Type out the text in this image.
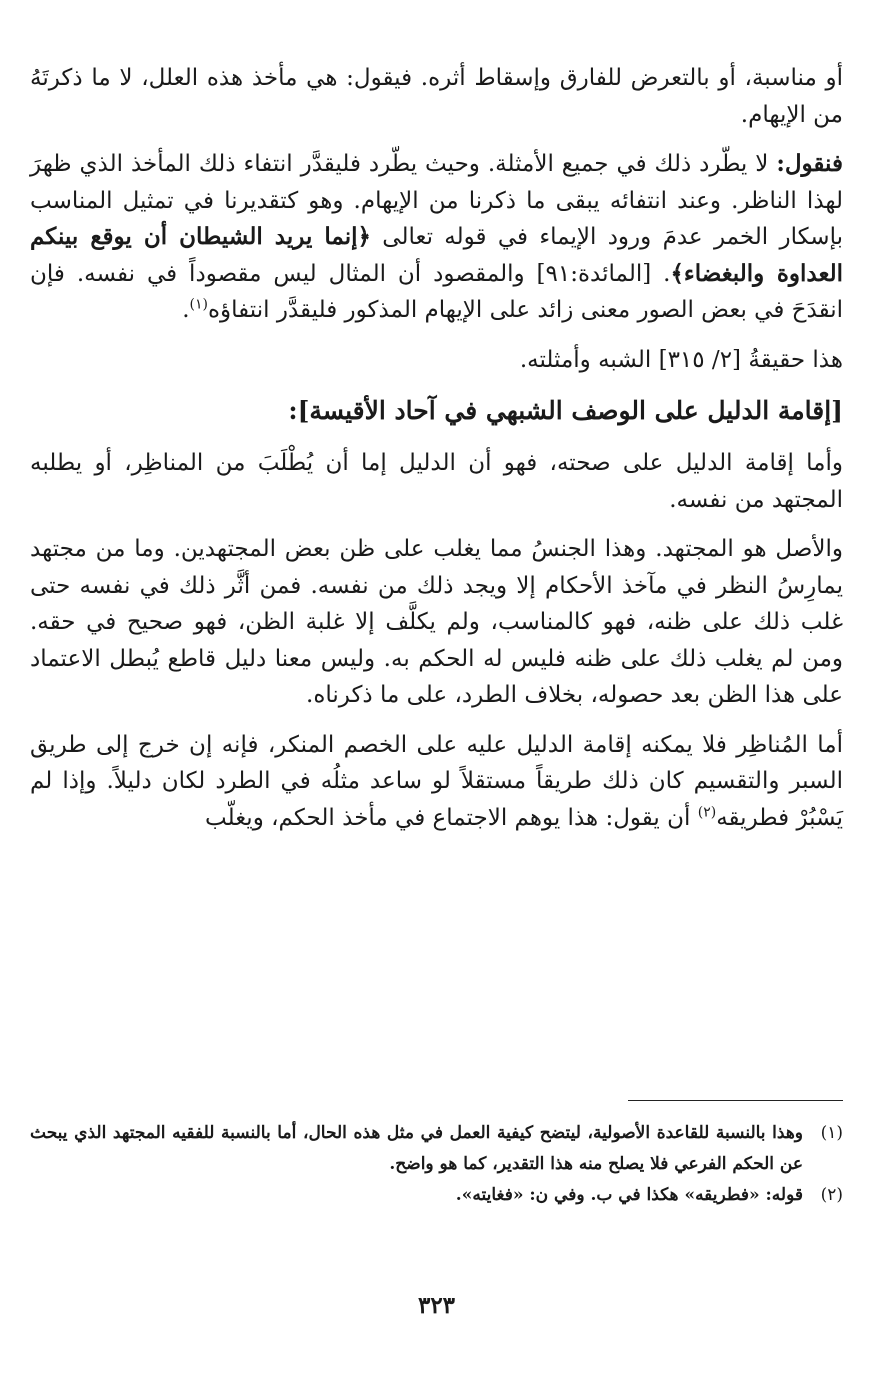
أو مناسبة، أو بالتعرض للفارق وإسقاط أثره. فيقول: هي مأخذ هذه العلل، لا ما ذكرتَهُ من الإيهام.

فنقول: لا يطّرد ذلك في جميع الأمثلة. وحيث يطّرد فليقدَّر انتفاء ذلك المأخذ الذي ظهرَ لهذا الناظر. وعند انتفائه يبقى ما ذكرنا من الإيهام. وهو كتقديرنا في تمثيل المناسب بإسكار الخمر عدمَ ورود الإيماء في قوله تعالى ﴿إنما يريد الشيطان أن يوقع بينكم العداوة والبغضاء﴾. [المائدة:٩١] والمقصود أن المثال ليس مقصوداً في نفسه. فإن انقدَحَ في بعض الصور معنى زائد على الإيهام المذكور فليقدَّر انتفاؤه$^{(١)}$.

هذا حقيقةُ [٢/ ٣١٥] الشبه وأمثلته.

[إقامة الدليل على الوصف الشبهي في آحاد الأقيسة]:

وأما إقامة الدليل على صحته، فهو أن الدليل إما أن يُطْلَبَ من المناظِر، أو يطلبه المجتهد من نفسه.

والأصل هو المجتهد. وهذا الجنسُ مما يغلب على ظن بعض المجتهدين. وما من مجتهد يمارِسُ النظر في مآخذ الأحكام إلا ويجد ذلك من نفسه. فمن أثَّر ذلك في نفسه حتى غلب ذلك على ظنه، فهو كالمناسب، ولم يكلَّف إلا غلبة الظن، فهو صحيح في حقه. ومن لم يغلب ذلك على ظنه فليس له الحكم به. وليس معنا دليل قاطع يُبطل الاعتماد على هذا الظن بعد حصوله، بخلاف الطرد، على ما ذكرناه.

أما المُناظِر فلا يمكنه إقامة الدليل عليه على الخصم المنكر، فإنه إن خرج إلى طريق السبر والتقسيم كان ذلك طريقاً مستقلاً لو ساعد مثلُه في الطرد لكان دليلاً. وإذا لم يَسْبُرْ فطريقه$^{(٢)}$ أن يقول: هذا يوهم الاجتماع في مأخذ الحكم، ويغلّب

(١)
وهذا بالنسبة للقاعدة الأصولية، ليتضح كيفية العمل في مثل هذه الحال، أما بالنسبة للفقيه المجتهد الذي يبحث عن الحكم الفرعي فلا يصلح منه هذا التقدير، كما هو واضح.
(٢)
قوله: «فطريقه» هكذا في ب. وفي ن: «فغايته».
٣٢٣
